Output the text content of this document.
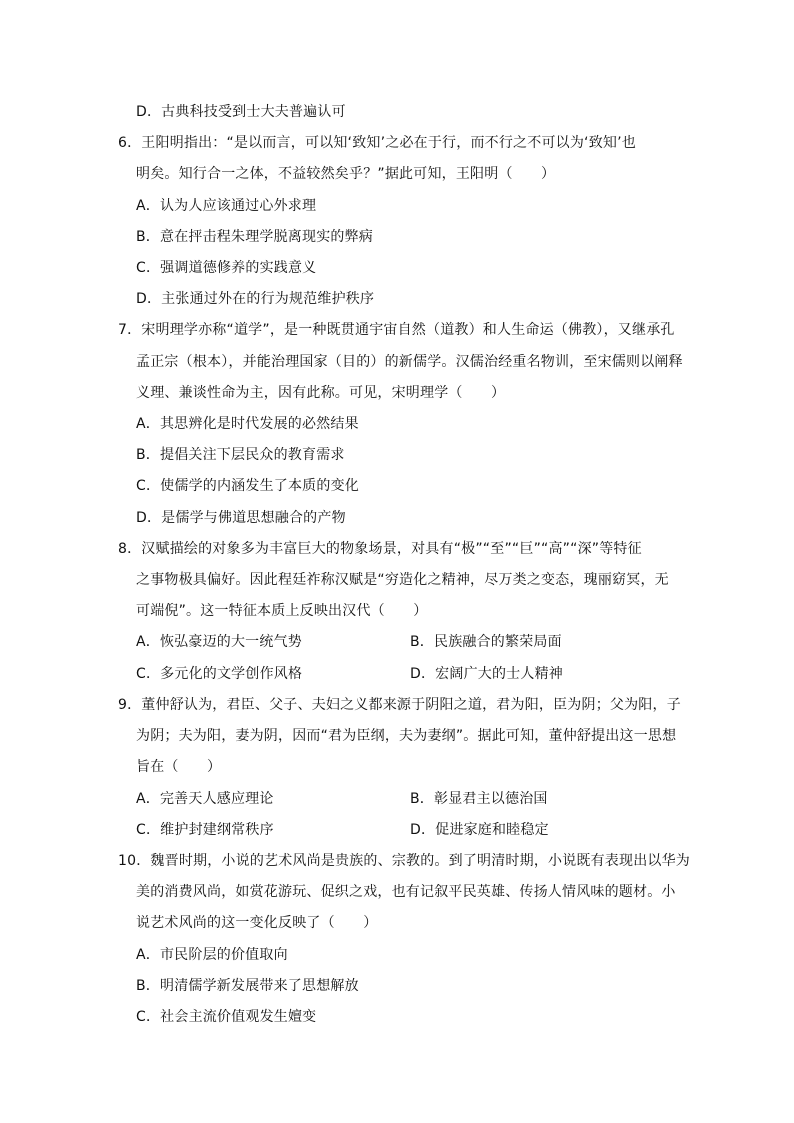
D．古典科技受到士大夫普遍认可
6．王阳明指出：“是以而言，可以知‘致知’之必在于行，而不行之不可以为‘致知’也
明矣。知行合一之体，不益较然矣乎？”据此可知，王阳明（　　）
A．认为人应该通过心外求理
B．意在抨击程朱理学脱离现实的弊病
C．强调道德修养的实践意义
D．主张通过外在的行为规范维护秩序
7．宋明理学亦称“道学”，是一种既贯通宇宙自然（道教）和人生命运（佛教），又继承孔
孟正宗（根本），并能治理国家（目的）的新儒学。汉儒治经重名物训，至宋儒则以阐释
义理、兼谈性命为主，因有此称。可见，宋明理学（　　）
A．其思辨化是时代发展的必然结果
B．提倡关注下层民众的教育需求
C．使儒学的内涵发生了本质的变化
D．是儒学与佛道思想融合的产物
8．汉赋描绘的对象多为丰富巨大的物象场景，对具有“极”“至”“巨”“高”“深”等特征
之事物极具偏好。因此程廷祚称汉赋是“穷造化之精神，尽万类之变态，瑰丽窈冥，无
可端倪”。这一特征本质上反映出汉代（　　）
A．恢弘豪迈的大一统气势	B．民族融合的繁荣局面
C．多元化的文学创作风格	D．宏阔广大的士人精神
9．董仲舒认为，君臣、父子、夫妇之义都来源于阴阳之道，君为阳，臣为阴；父为阳，子
为阴；夫为阳，妻为阴，因而“君为臣纲，夫为妻纲”。据此可知，董仲舒提出这一思想
旨在（　　）
A．完善天人感应理论	B．彰显君主以德治国
C．维护封建纲常秩序	D．促进家庭和睦稳定
10．魏晋时期，小说的艺术风尚是贵族的、宗教的。到了明清时期，小说既有表现出以华为
美的消费风尚，如赏花游玩、促织之戏，也有记叙平民英雄、传扬人情风味的题材。小
说艺术风尚的这一变化反映了（　　）
A．市民阶层的价值取向
B．明清儒学新发展带来了思想解放
C．社会主流价值观发生嬗变
